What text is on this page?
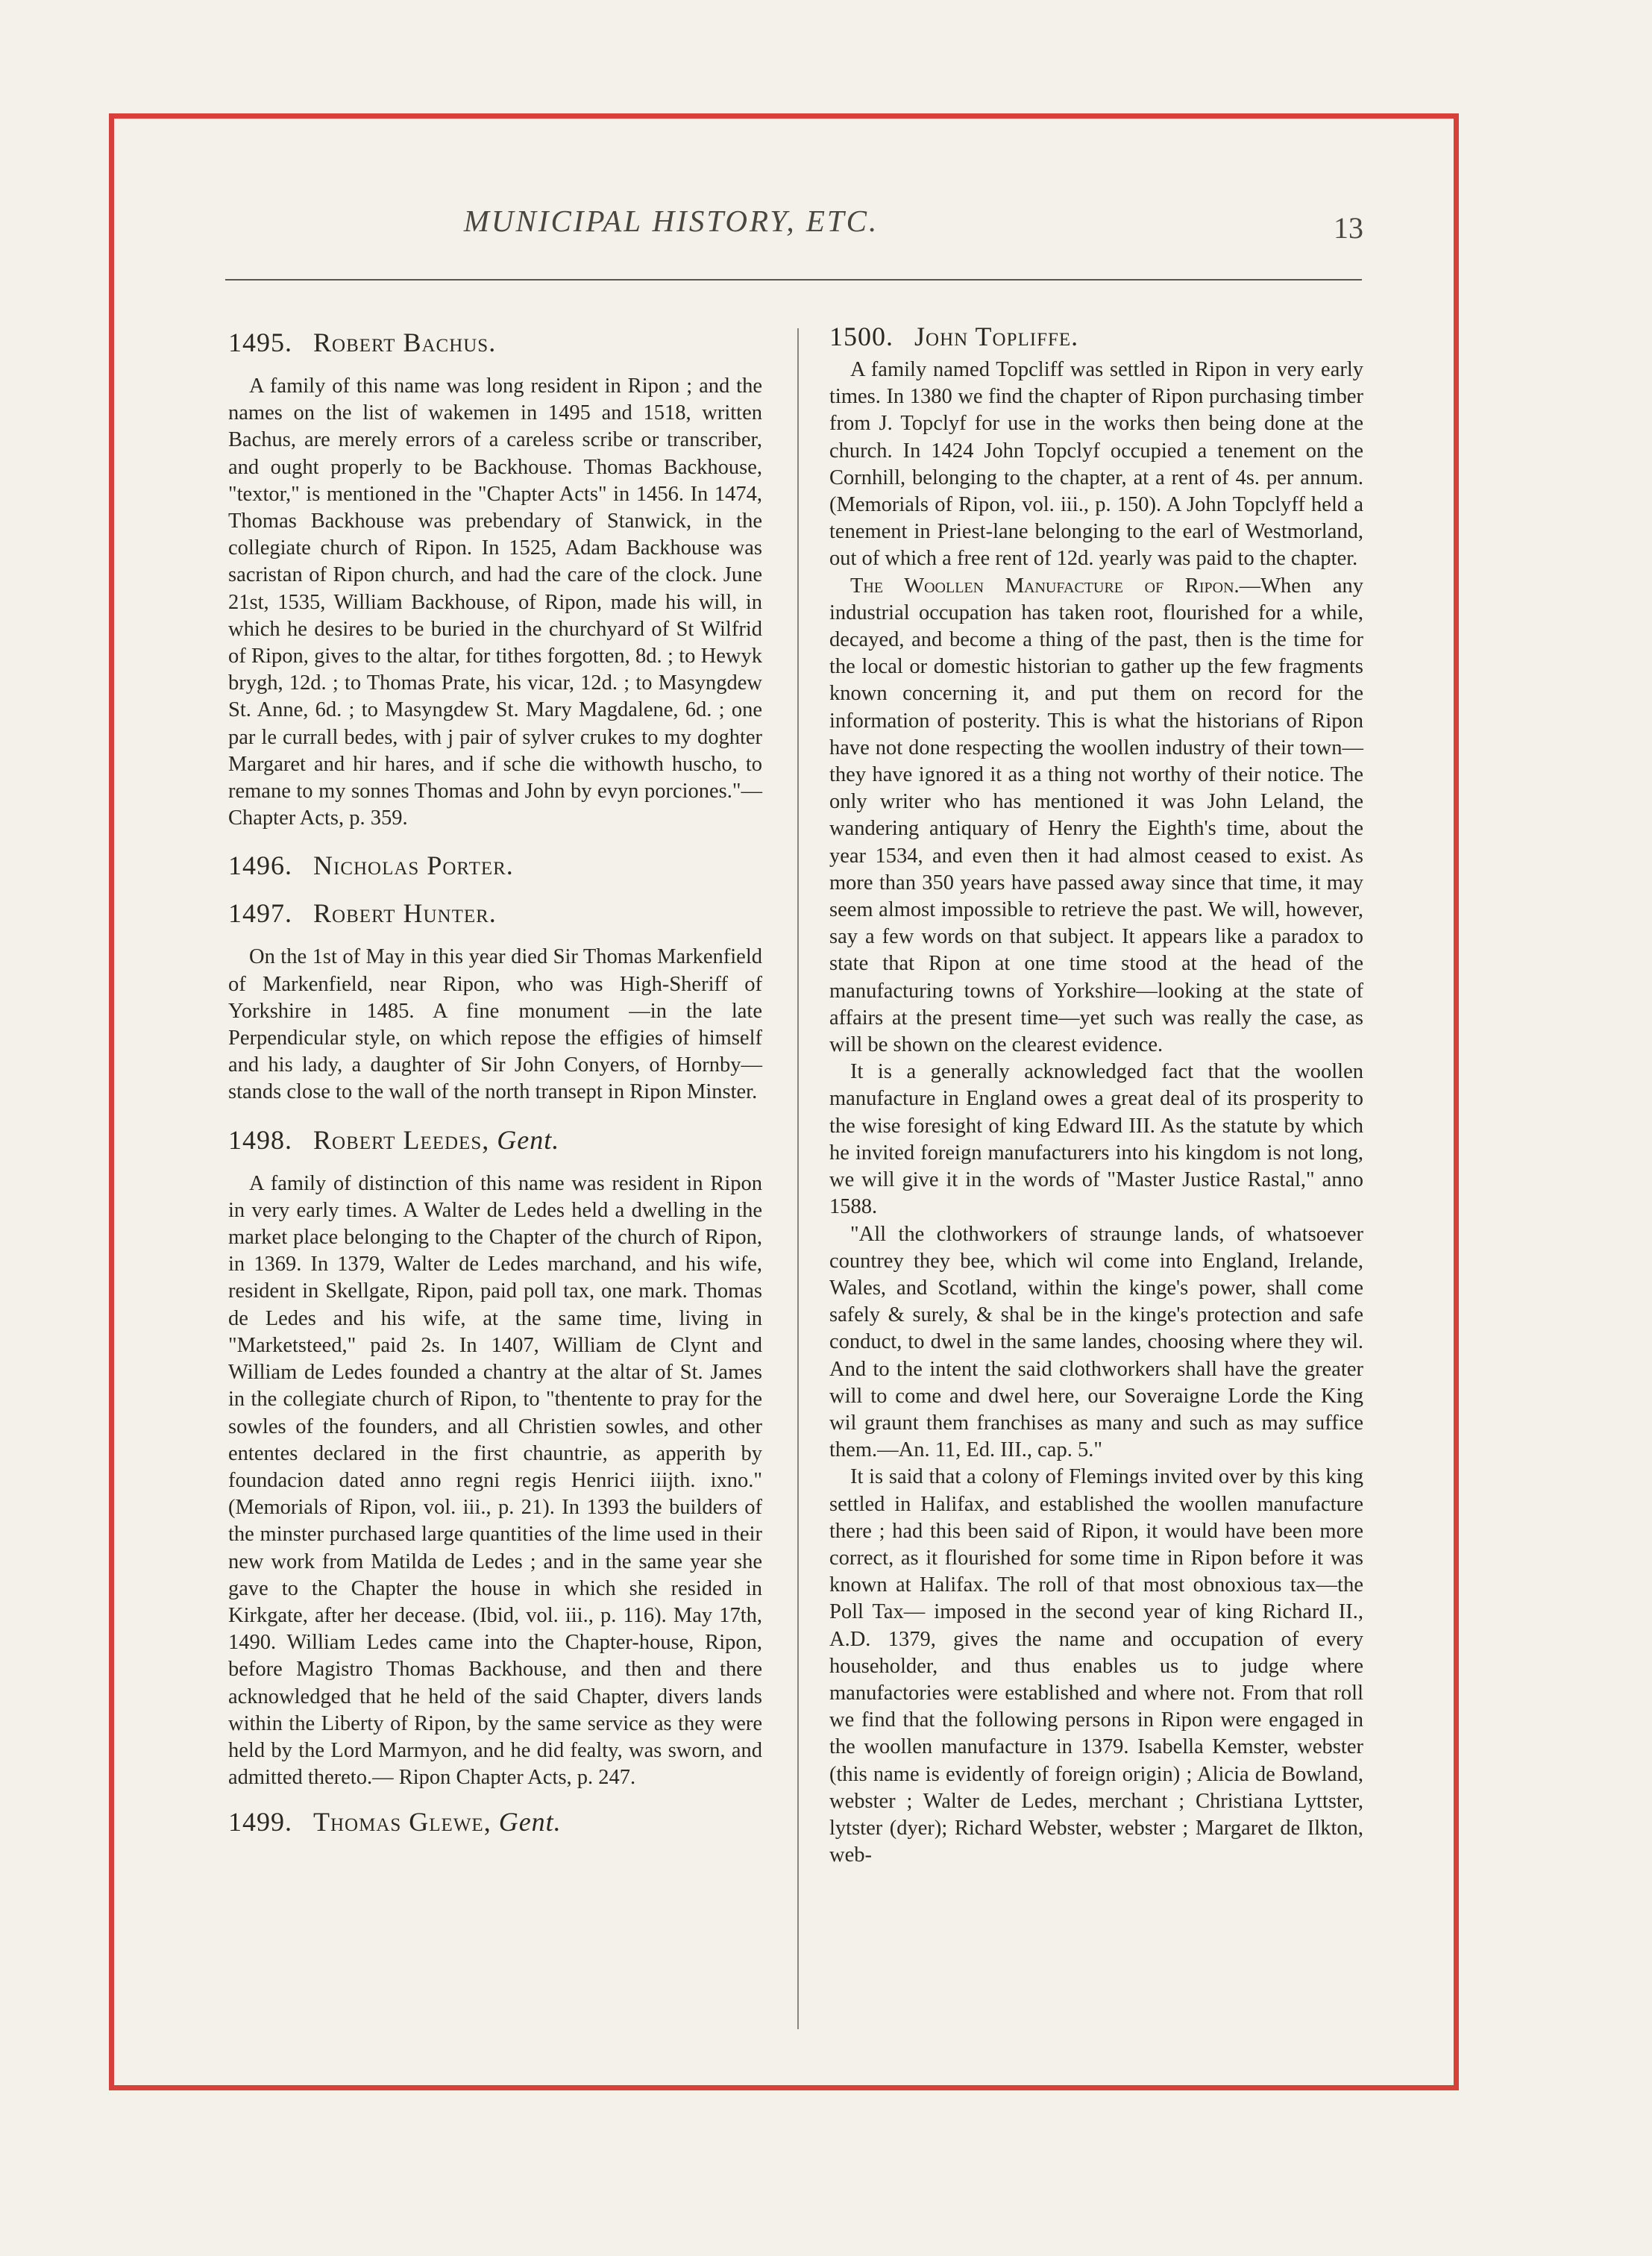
MUNICIPAL HISTORY, ETC.	13
1495. Robert Bachus.

A family of this name was long resident in Ripon ; and the names on the list of wakemen in 1495 and 1518, written Bachus, are merely errors of a careless scribe or transcriber, and ought properly to be Backhouse. Thomas Backhouse, "textor," is mentioned in the "Chapter Acts" in 1456. In 1474, Thomas Backhouse was prebendary of Stanwick, in the collegiate church of Ripon. In 1525, Adam Backhouse was sacristan of Ripon church, and had the care of the clock. June 21st, 1535, William Backhouse, of Ripon, made his will, in which he desires to be buried in the churchyard of St Wilfrid of Ripon, gives to the altar, for tithes forgotten, 8d. ; to Hewyk brygh, 12d. ; to Thomas Prate, his vicar, 12d. ; to Masyngdew St. Anne, 6d. ; to Masyngdew St. Mary Magdalene, 6d. ; one par le currall bedes, with j pair of sylver crukes to my doghter Margaret and hir hares, and if sche die withowth huscho, to remane to my sonnes Thomas and John by evyn porciones."—Chapter Acts, p. 359.

1496. Nicholas Porter.
1497. Robert Hunter.

On the 1st of May in this year died Sir Thomas Markenfield of Markenfield, near Ripon, who was High-Sheriff of Yorkshire in 1485. A fine monument —in the late Perpendicular style, on which repose the effigies of himself and his lady, a daughter of Sir John Conyers, of Hornby—stands close to the wall of the north transept in Ripon Minster.

1498. Robert Leedes, Gent.

A family of distinction of this name was resident in Ripon in very early times. A Walter de Ledes held a dwelling in the market place belonging to the Chapter of the church of Ripon, in 1369. In 1379, Walter de Ledes marchand, and his wife, resident in Skellgate, Ripon, paid poll tax, one mark. Thomas de Ledes and his wife, at the same time, living in "Marketsteed," paid 2s. In 1407, William de Clynt and William de Ledes founded a chantry at the altar of St. James in the collegiate church of Ripon, to "thentente to pray for the sowles of the founders, and all Christien sowles, and other ententes declared in the first chauntrie, as apperith by foundacion dated anno regni regis Henrici iiijth. ixno." (Memorials of Ripon, vol. iii., p. 21). In 1393 the builders of the minster purchased large quantities of the lime used in their new work from Matilda de Ledes ; and in the same year she gave to the Chapter the house in which she resided in Kirkgate, after her decease. (Ibid, vol. iii., p. 116). May 17th, 1490. William Ledes came into the Chapter-house, Ripon, before Magistro Thomas Backhouse, and then and there acknowledged that he held of the said Chapter, divers lands within the Liberty of Ripon, by the same service as they were held by the Lord Marmyon, and he did fealty, was sworn, and admitted thereto.— Ripon Chapter Acts, p. 247.

1499. Thomas Glewe, Gent.
1500. John Topliffe.

A family named Topcliff was settled in Ripon in very early times. In 1380 we find the chapter of Ripon purchasing timber from J. Topclyf for use in the works then being done at the church. In 1424 John Topclyf occupied a tenement on the Cornhill, belonging to the chapter, at a rent of 4s. per annum. (Memorials of Ripon, vol. iii., p. 150). A John Topclyff held a tenement in Priest-lane belonging to the earl of Westmorland, out of which a free rent of 12d. yearly was paid to the chapter.

The Woollen Manufacture of Ripon.—When any industrial occupation has taken root, flourished for a while, decayed, and become a thing of the past, then is the time for the local or domestic historian to gather up the few fragments known concerning it, and put them on record for the information of posterity. This is what the historians of Ripon have not done respecting the woollen industry of their town—they have ignored it as a thing not worthy of their notice. The only writer who has mentioned it was John Leland, the wandering antiquary of Henry the Eighth's time, about the year 1534, and even then it had almost ceased to exist. As more than 350 years have passed away since that time, it may seem almost impossible to retrieve the past. We will, however, say a few words on that subject. It appears like a paradox to state that Ripon at one time stood at the head of the manufacturing towns of Yorkshire—looking at the state of affairs at the present time—yet such was really the case, as will be shown on the clearest evidence.

It is a generally acknowledged fact that the woollen manufacture in England owes a great deal of its prosperity to the wise foresight of king Edward III. As the statute by which he invited foreign manufacturers into his kingdom is not long, we will give it in the words of "Master Justice Rastal," anno 1588.

"All the clothworkers of straunge lands, of whatsoever countrey they bee, which wil come into England, Irelande, Wales, and Scotland, within the kinge's power, shall come safely & surely, & shal be in the kinge's protection and safe conduct, to dwel in the same landes, choosing where they wil. And to the intent the said clothworkers shall have the greater will to come and dwel here, our Soveraigne Lorde the King wil graunt them franchises as many and such as may suffice them.—An. 11, Ed. III., cap. 5."

It is said that a colony of Flemings invited over by this king settled in Halifax, and established the woollen manufacture there ; had this been said of Ripon, it would have been more correct, as it flourished for some time in Ripon before it was known at Halifax. The roll of that most obnoxious tax—the Poll Tax— imposed in the second year of king Richard II., A.D. 1379, gives the name and occupation of every householder, and thus enables us to judge where manufactories were established and where not. From that roll we find that the following persons in Ripon were engaged in the woollen manufacture in 1379. Isabella Kemster, webster (this name is evidently of foreign origin) ; Alicia de Bowland, webster ; Walter de Ledes, merchant ; Christiana Lyttster, lytster (dyer); Richard Webster, webster ; Margaret de Ilkton, web-
